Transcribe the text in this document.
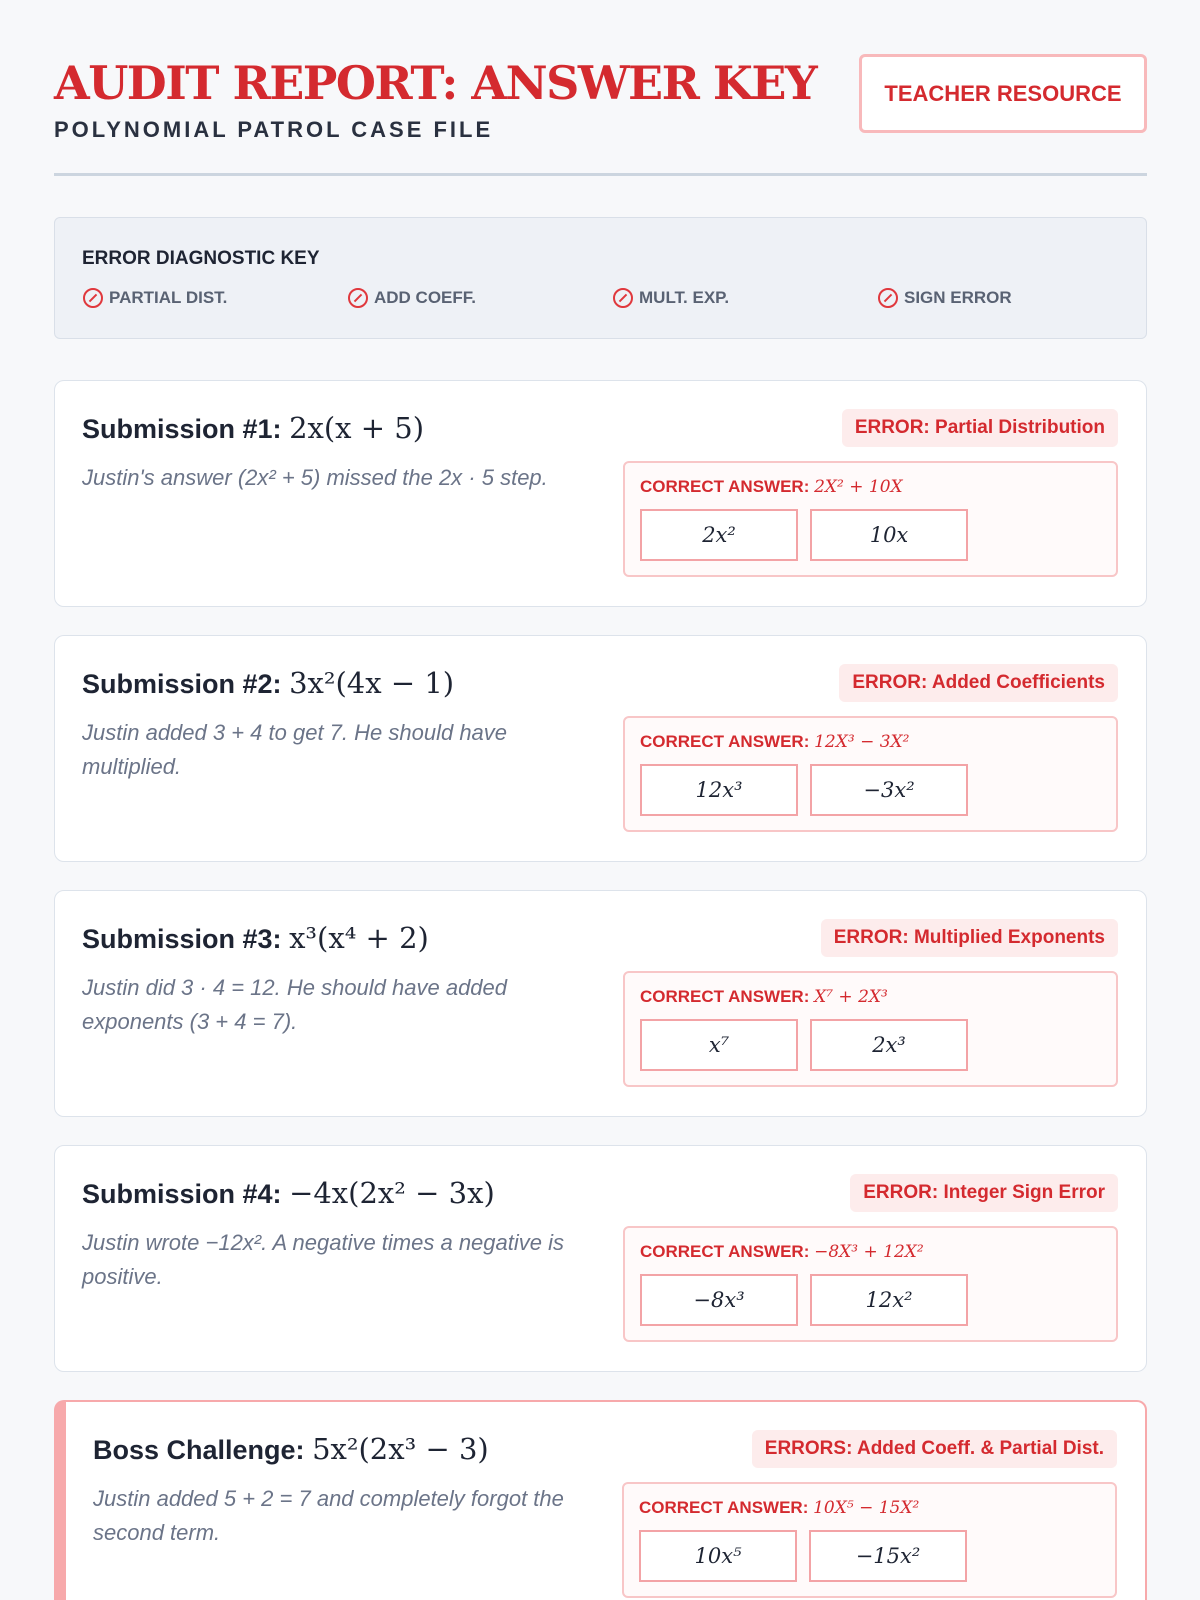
AUDIT REPORT: ANSWER KEY
POLYNOMIAL PATROL CASE FILE
TEACHER RESOURCE
ERROR DIAGNOSTIC KEY
PARTIAL DIST.	ADD COEFF.	MULT. EXP.	SIGN ERROR
Submission #1: 2x(x + 5)	ERROR: Partial Distribution
Justin's answer (2x² + 5) missed the 2x · 5 step.	CORRECT ANSWER: 2X² + 10X
2x²	10x
Submission #2: 3x²(4x − 1)	ERROR: Added Coefficients
Justin added 3 + 4 to get 7. He should have multiplied.
CORRECT ANSWER: 12X³ − 3X²
12x³	−3x²
Submission #3: x³(x⁴ + 2)	ERROR: Multiplied Exponents
Justin did 3 · 4 = 12. He should have added exponents (3 + 4 = 7).
CORRECT ANSWER: X⁷ + 2X³
x⁷	2x³
Submission #4: −4x(2x² − 3x)	ERROR: Integer Sign Error
Justin wrote −12x². A negative times a negative is positive.
CORRECT ANSWER: −8X³ + 12X²
−8x³	12x²
Boss Challenge: 5x²(2x³ − 3)	ERRORS: Added Coeff. & Partial Dist.
Justin added 5 + 2 = 7 and completely forgot the second term.
CORRECT ANSWER: 10X⁵ − 15X²
10x⁵	−15x²
